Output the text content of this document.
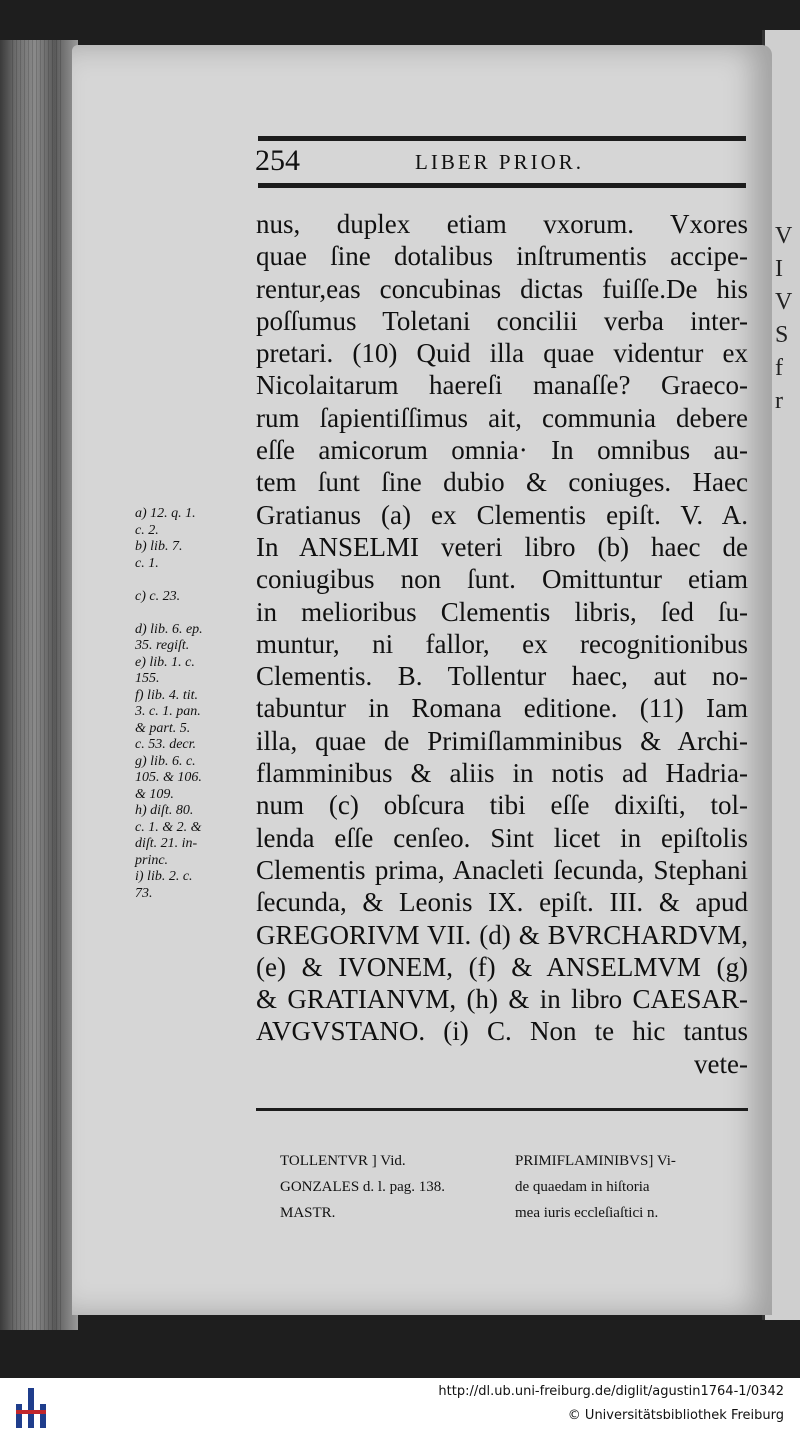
V
I
V
S
f
r

254	LIBER PRIOR.
nus, duplex etiam vxorum. Vxores
quae ſine dotalibus inſtrumentis accipe-
rentur,eas concubinas dictas fuiſſe.De his
poſſumus Toletani concilii verba inter-
pretari. (10) Quid illa quae videntur ex
Nicolaitarum haereſi manaſſe? Graeco-
rum ſapientiſſimus ait, communia debere
eſſe amicorum omnia· In omnibus au-
tem ſunt ſine dubio & coniuges. Haec
Gratianus (a) ex Clementis epiſt. V. A.
In ANSELMI veteri libro (b) haec de
coniugibus non ſunt. Omittuntur etiam
in melioribus Clementis libris, ſed ſu-
muntur, ni fallor, ex recognitionibus
Clementis. B. Tollentur haec, aut no-
tabuntur in Romana editione. (11) Iam
illa, quae de Primiſlamminibus & Archi-
flamminibus & aliis in notis ad Hadria-
num (c) obſcura tibi eſſe dixiſti, tol-
lenda eſſe cenſeo. Sint licet in epiſtolis
Clementis prima, Anacleti ſecunda, Stephani
ſecunda, & Leonis IX. epiſt. III. & apud
GREGORIVM VII. (d) & BVRCHARDVM,
(e) & IVONEM, (f) & ANSELMVM (g)
& GRATIANVM, (h) & in libro CAESAR-
AVGVSTANO. (i) C. Non te hic tantus
vete-
a) 12. q. 1.
c. 2.
b) lib. 7.
c. 1.

c) c. 23.

d) lib. 6. ep.
35. regiſt.
e) lib. 1. c.
155.
f) lib. 4. tit.
3. c. 1. pan.
& part. 5.
c. 53. decr.
g) lib. 6. c.
105. & 106.
& 109.
h) diſt. 80.
c. 1. & 2. &
diſt. 21. in-
princ.
i) lib. 2. c.
73.
TOLLENTVR ] Vid.
GONZALES d. l. pag. 138.
MASTR.
PRIMIFLAMINIBVS] Vi-
de quaedam in hiſtoria
mea iuris eccleſiaſtici n.
http://dl.ub.uni-freiburg.de/diglit/agustin1764-1/0342
© Universitätsbibliothek Freiburg
